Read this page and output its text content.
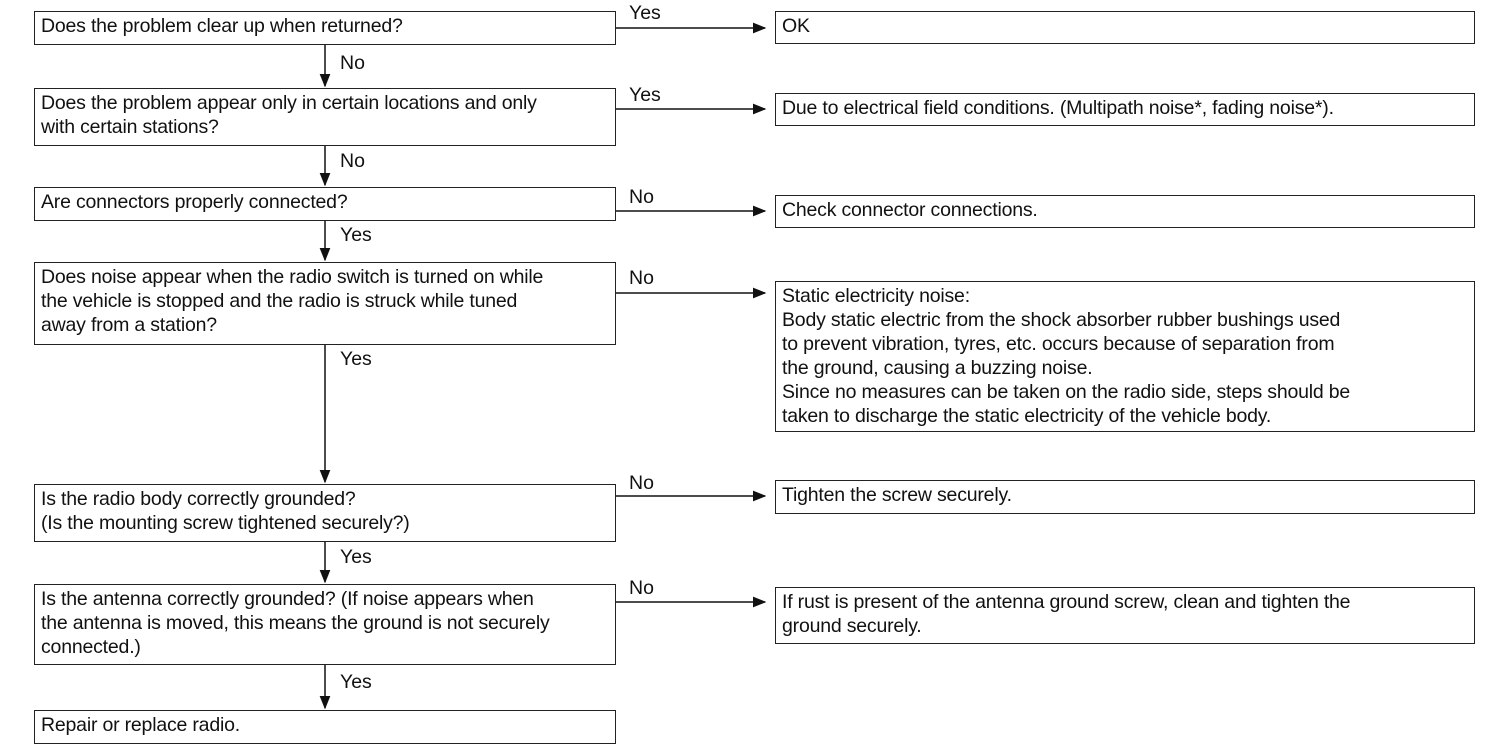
Does the problem clear up when returned?
Does the problem appear only in certain locations and only
with certain stations?
Are connectors properly connected?
Does noise appear when the radio switch is turned on while
the vehicle is stopped and the radio is struck while tuned
away from a station?
Is the radio body correctly grounded?
(Is the mounting screw tightened securely?)
Is the antenna correctly grounded? (If noise appears when
the antenna is moved, this means the ground is not securely
connected.)
Repair or replace radio.
OK
Due to electrical field conditions. (Multipath noise*, fading noise*).
Check connector connections.
Static electricity noise:
Body static electric from the shock absorber rubber bushings used
to prevent vibration, tyres, etc. occurs because of separation from
the ground, causing a buzzing noise.
Since no measures can be taken on the radio side, steps should be
taken to discharge the static electricity of the vehicle body.
Tighten the screw securely.
If rust is present of the antenna ground screw, clean and tighten the
ground securely.
Yes
Yes
No
No
No
No
No
No
Yes
Yes
Yes
Yes
